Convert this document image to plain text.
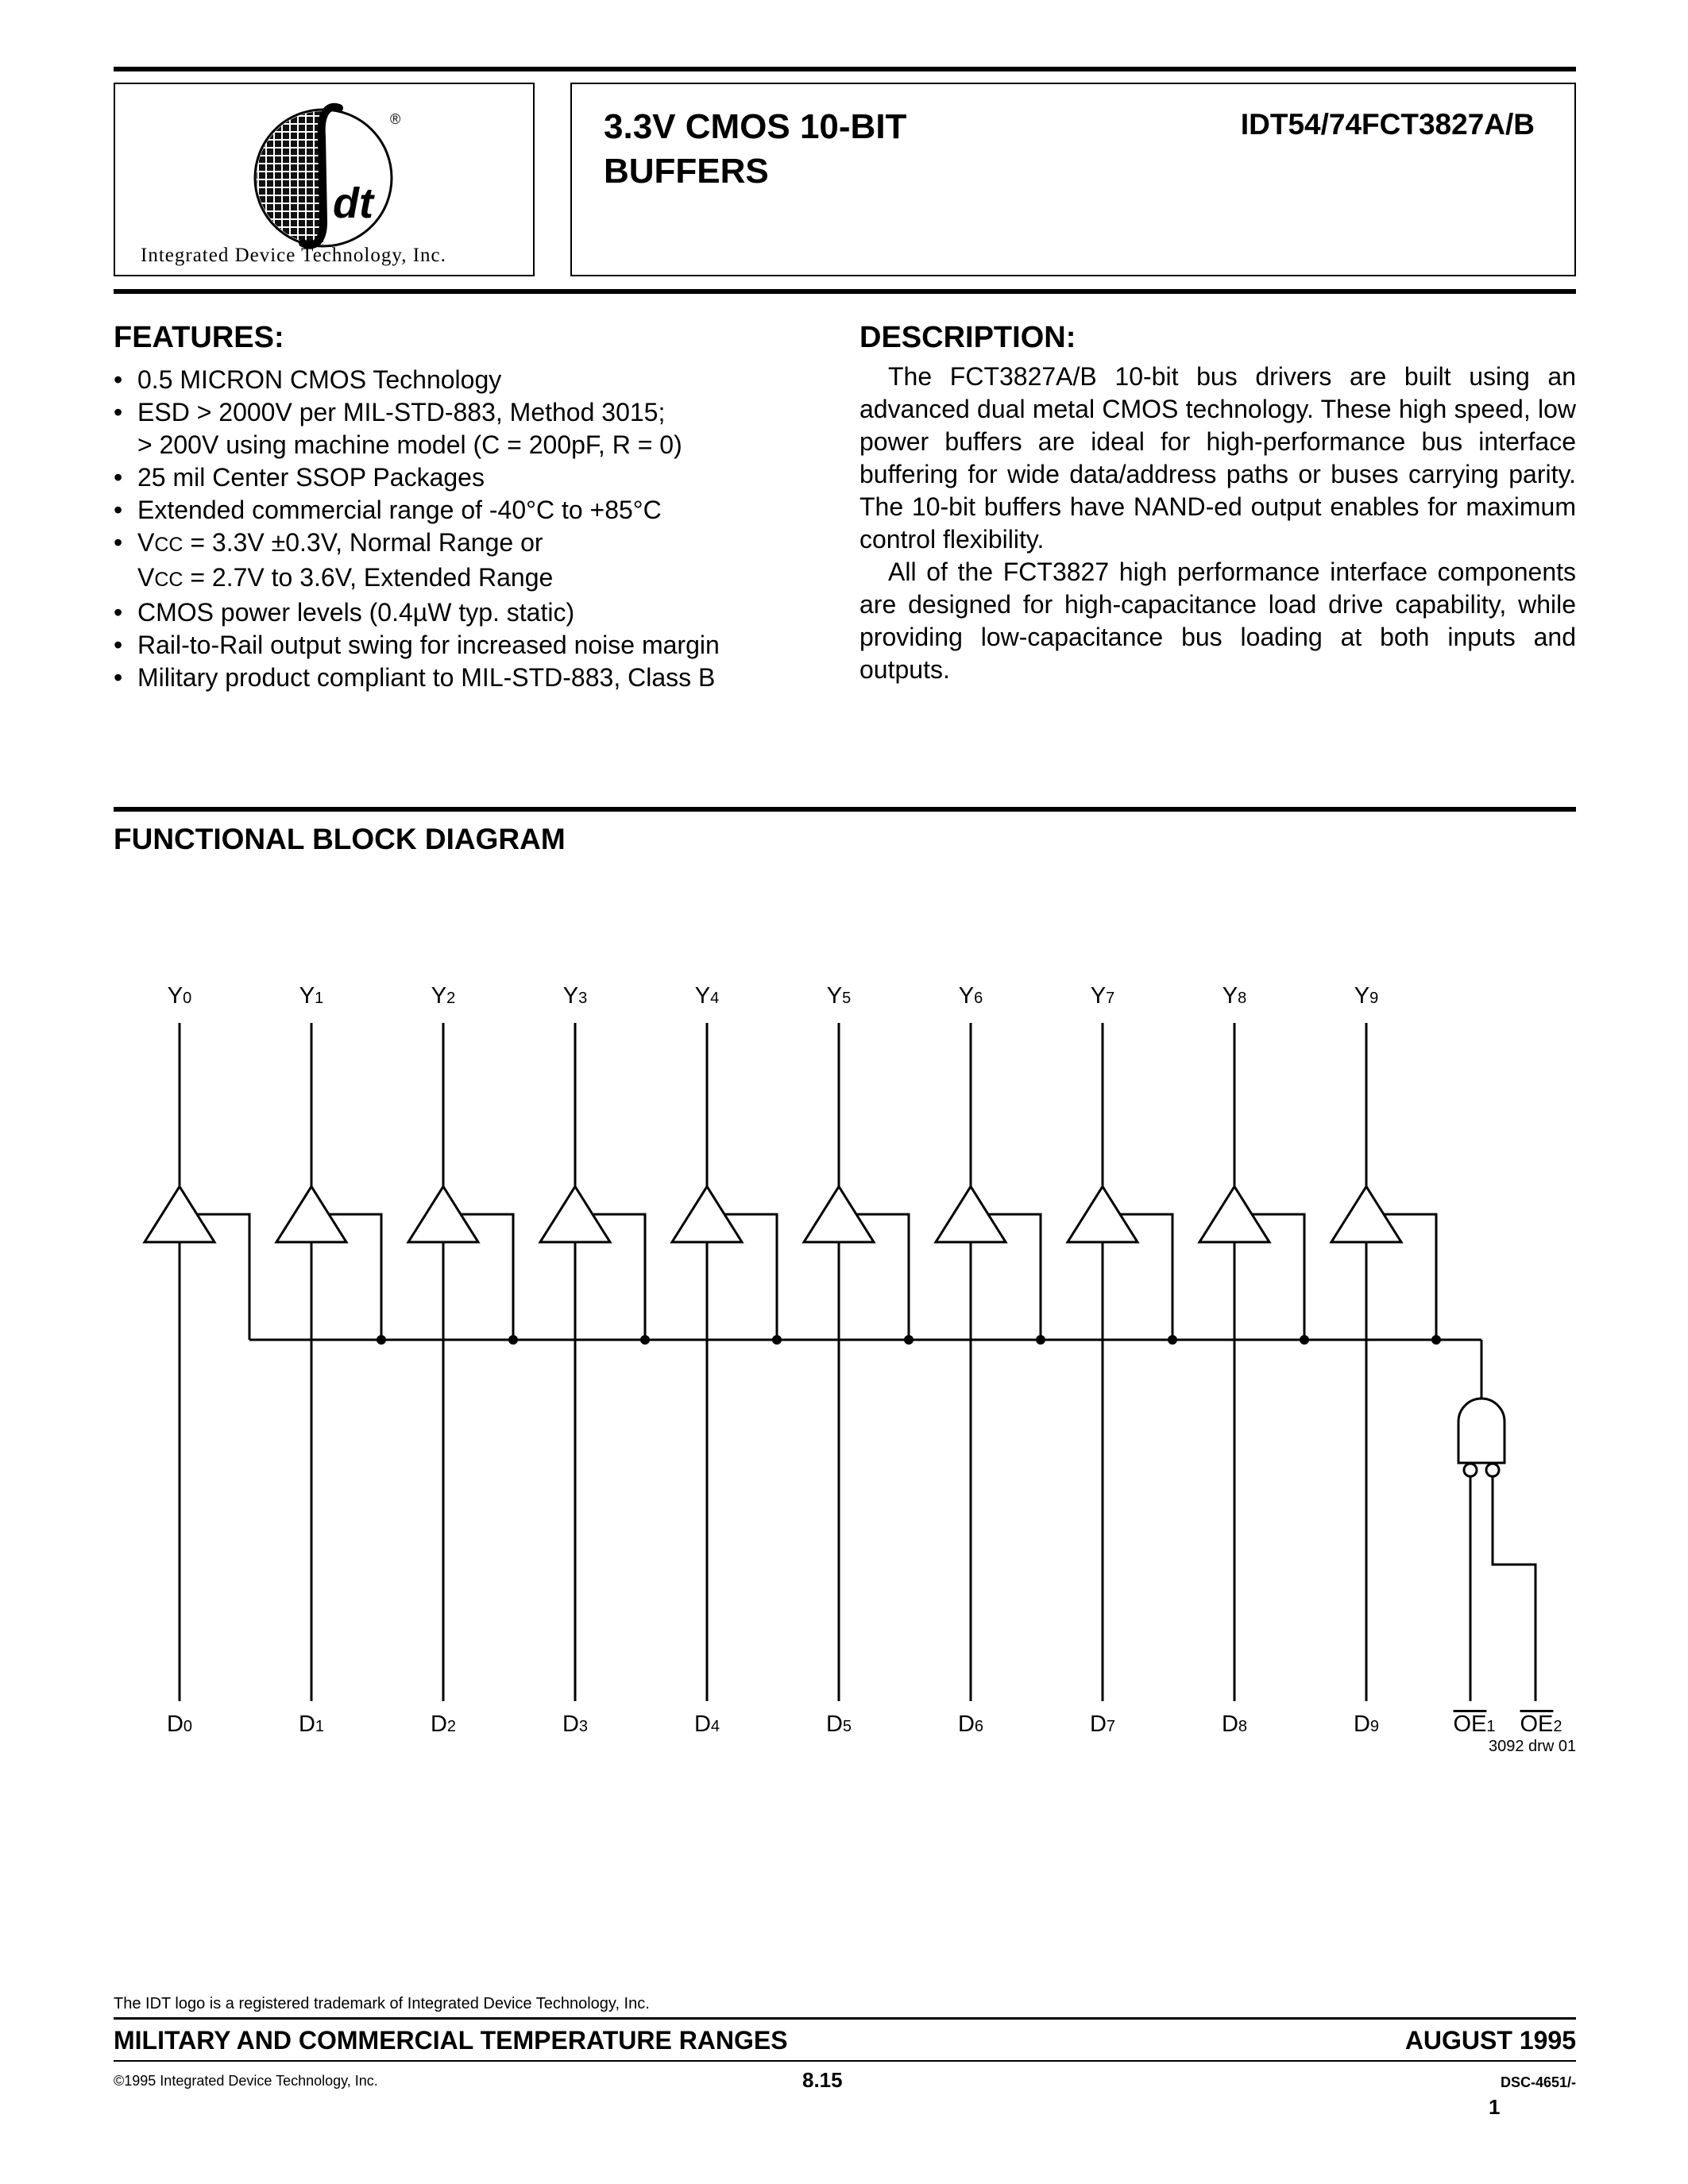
dt
®
Integrated Device Technology, Inc.
3.3V CMOS 10-BIT
BUFFERS
IDT54/74FCT3827A/B
FEATURES:
• 0.5 MICRON CMOS Technology
• ESD > 2000V per MIL-STD-883, Method 3015;
> 200V using machine model (C = 200pF, R = 0)
• 25 mil Center SSOP Packages
• Extended commercial range of -40°C to +85°C
• VCC = 3.3V ±0.3V, Normal Range or
VCC = 2.7V to 3.6V, Extended Range
• CMOS power levels (0.4µW typ. static)
• Rail-to-Rail output swing for increased noise margin
• Military product compliant to MIL-STD-883, Class B
DESCRIPTION:

The FCT3827A/B 10-bit bus drivers are built using an advanced dual metal CMOS technology. These high speed, low power buffers are ideal for high-performance bus interface buffering for wide data/address paths or buses carrying parity. The 10-bit buffers have NAND-ed output enables for maximum control flexibility.

All of the FCT3827 high performance interface components are designed for high-capacitance load drive capability, while providing low-capacitance bus loading at both inputs and outputs.

FUNCTIONAL BLOCK DIAGRAM
Y0	Y1	Y2	Y3	Y4	Y5	Y6	Y7	Y8	Y9
D0	D1	D2	D3	D4	D5	D6	D7	D8	D9	OE1 OE2
3092 drw 01
The IDT logo is a registered trademark of Integrated Device Technology, Inc.
MILITARY AND COMMERCIAL TEMPERATURE RANGES	AUGUST 1995
©1995 Integrated Device Technology, Inc.	8.15	DSC-4651/-
1
